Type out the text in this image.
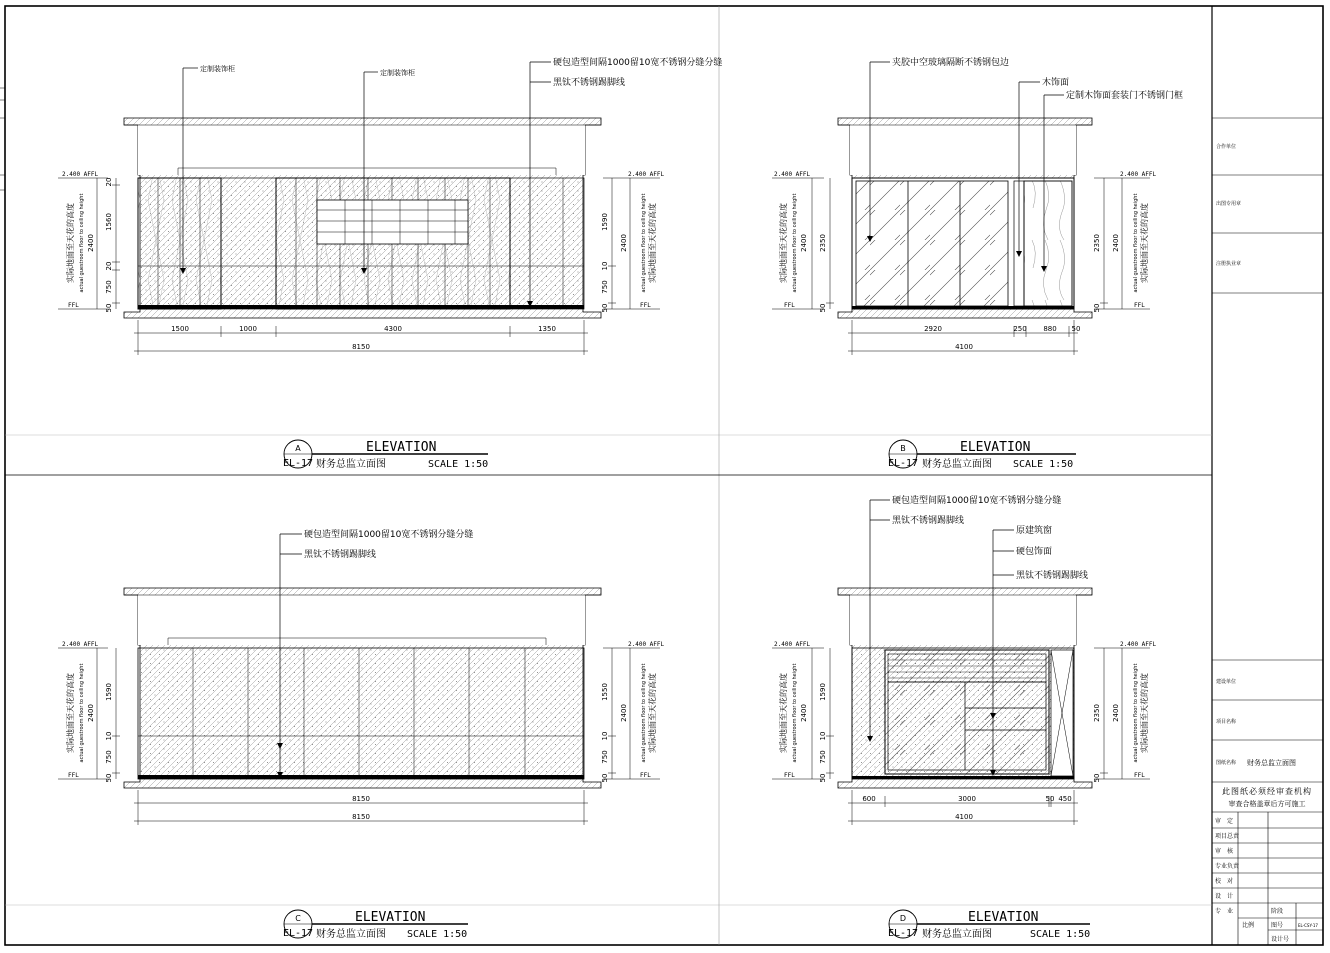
定制装饰柜	定制装饰柜
硬包造型间隔1000留10宽不锈钢分缝分缝
黑钛不锈钢踢脚线
2.400 AFFL
FFL
20
1560
20
750
50
2400
实际地面至天花的高度 actual guestroom floor to ceiling height
2.400 AFFL
FFL
1590
10
750
50
2400	实际地面至天花的高度
actual guestroom floor to ceiling height
1500	1000	4300	1350
8150
A
EL-17
ELEVATION
财务总监立面图	SCALE 1:50
夹胶中空玻璃隔断不锈钢包边
木饰面
定制木饰面套装门不锈钢门框
2.400 AFFL
FFL
2350
50
2400
实际地面至天花的高度 actual guestroom floor to ceiling height
2.400 AFFL
FFL
2350
50
2400	实际地面至天花的高度
actual guestroom floor to ceiling height
2920	250 880 50
4100
B
EL-17
ELEVATION
财务总监立面图 SCALE 1:50
硬包造型间隔1000留10宽不锈钢分缝分缝
黑钛不锈钢踢脚线
2.400 AFFL
FFL
1590
10
750
50
2400
实际地面至天花的高度 actual guestroom floor to ceiling height
2.400 AFFL
FFL
1550
10
750
50
2400	实际地面至天花的高度
actual guestroom floor to ceiling height
8150
8150
C
EL-17
ELEVATION
财务总监立面图 SCALE 1:50
硬包造型间隔1000留10宽不锈钢分缝分缝
黑钛不锈钢踢脚线
原建筑窗
硬包饰面
黑钛不锈钢踢脚线
2.400 AFFL
FFL
1590
10
750
50
2400
实际地面至天花的高度 actual guestroom floor to ceiling height
2.400 AFFL
FFL
2350
50
2400	实际地面至天花的高度
actual guestroom floor to ceiling height
600	3000	50 450
4100
D
EL-17
ELEVATION
财务总监立面图	SCALE 1:50
合作单位
出图专用章
注册执业章
建设单位
项目名称
图纸名称 财务总监立面图
此图纸必须经审查机构
审查合格盖章后方可施工
审　定
项目总责
审　核
专业负责
校　对
设　计
专　业	阶段
比例	图号
设计号
EL-CSY-17
